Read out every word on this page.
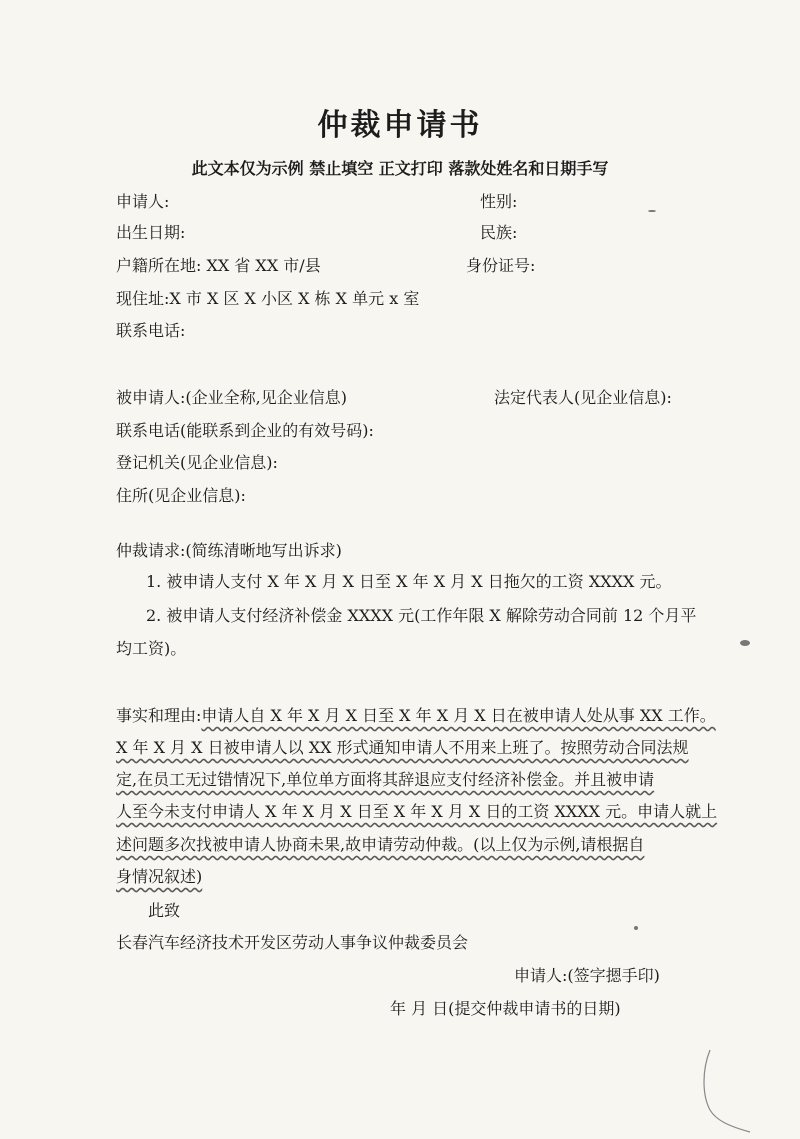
仲裁申请书
此文本仅为示例 禁止填空 正文打印 落款处姓名和日期手写
申请人:	性别:
出生日期:	民族:
户籍所在地: XX 省 XX 市/县	身份证号:
现住址:X 市 X 区 X 小区 X 栋 X 单元 x 室
联系电话:
被申请人:(企业全称,见企业信息)	法定代表人(见企业信息):
联系电话(能联系到企业的有效号码):
登记机关(见企业信息):
住所(见企业信息):
仲裁请求:(简练清晰地写出诉求)
1. 被申请人支付 X 年 X 月 X 日至 X 年 X 月 X 日拖欠的工资 XXXX 元。
2. 被申请人支付经济补偿金 XXXX 元(工作年限 X 解除劳动合同前 12 个月平
均工资)。
事实和理由:申请人自 X 年 X 月 X 日至 X 年 X 月 X 日在被申请人处从事 XX 工作。
X 年 X 月 X 日被申请人以 XX 形式通知申请人不用来上班了。按照劳动合同法规
定,在员工无过错情况下,单位单方面将其辞退应支付经济补偿金。并且被申请
人至今未支付申请人 X 年 X 月 X 日至 X 年 X 月 X 日的工资 XXXX 元。申请人就上
述问题多次找被申请人协商未果,故申请劳动仲裁。(以上仅为示例,请根据自
身情况叙述)
此致
长春汽车经济技术开发区劳动人事争议仲裁委员会
申请人:(签字摁手印)
年 月 日(提交仲裁申请书的日期)
